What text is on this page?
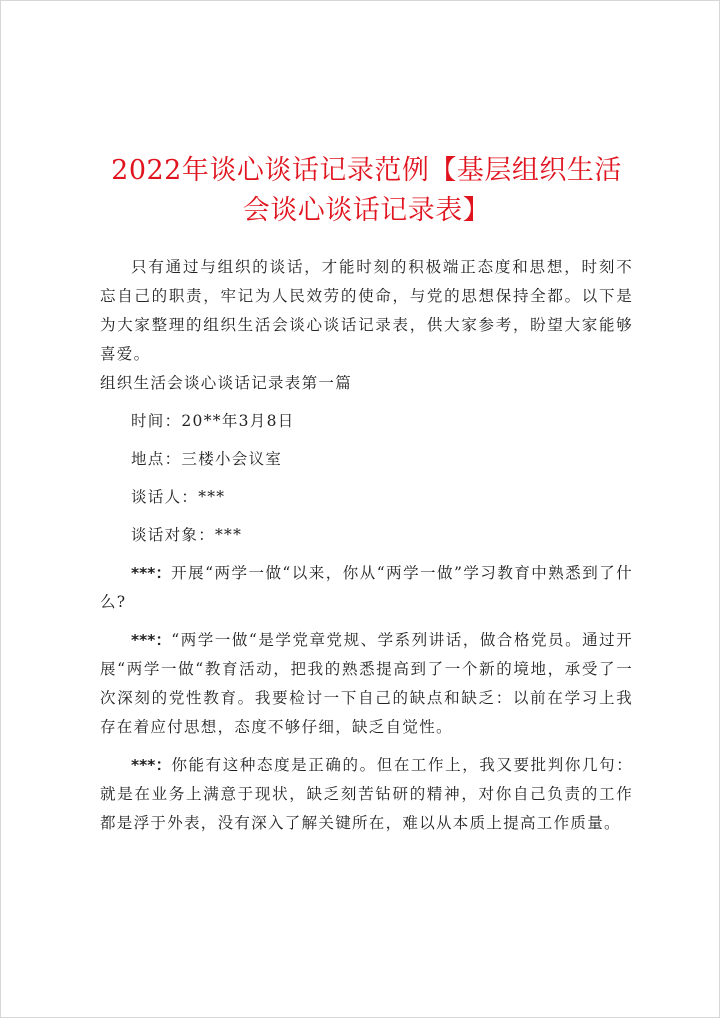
2022年谈心谈话记录范例【基层组织生活会谈心谈话记录表】

只有通过与组织的谈话，才能时刻的积极端正态度和思想，时刻不忘自己的职责，牢记为人民效劳的使命，与党的思想保持全都。以下是为大家整理的组织生活会谈心谈话记录表，供大家参考，盼望大家能够喜爱。

组织生活会谈心谈话记录表第一篇

时间：20**年3月8日

地点：三楼小会议室

谈话人：***

谈话对象：***

***：开展“两学一做“以来，你从“两学一做”学习教育中熟悉到了什么?

***：“两学一做“是学党章党规、学系列讲话，做合格党员。通过开展“两学一做“教育活动，把我的熟悉提高到了一个新的境地，承受了一次深刻的党性教育。我要检讨一下自己的缺点和缺乏：以前在学习上我存在着应付思想，态度不够仔细，缺乏自觉性。

***：你能有这种态度是正确的。但在工作上，我又要批判你几句：就是在业务上满意于现状，缺乏刻苦钻研的精神，对你自己负责的工作都是浮于外表，没有深入了解关键所在，难以从本质上提高工作质量。
